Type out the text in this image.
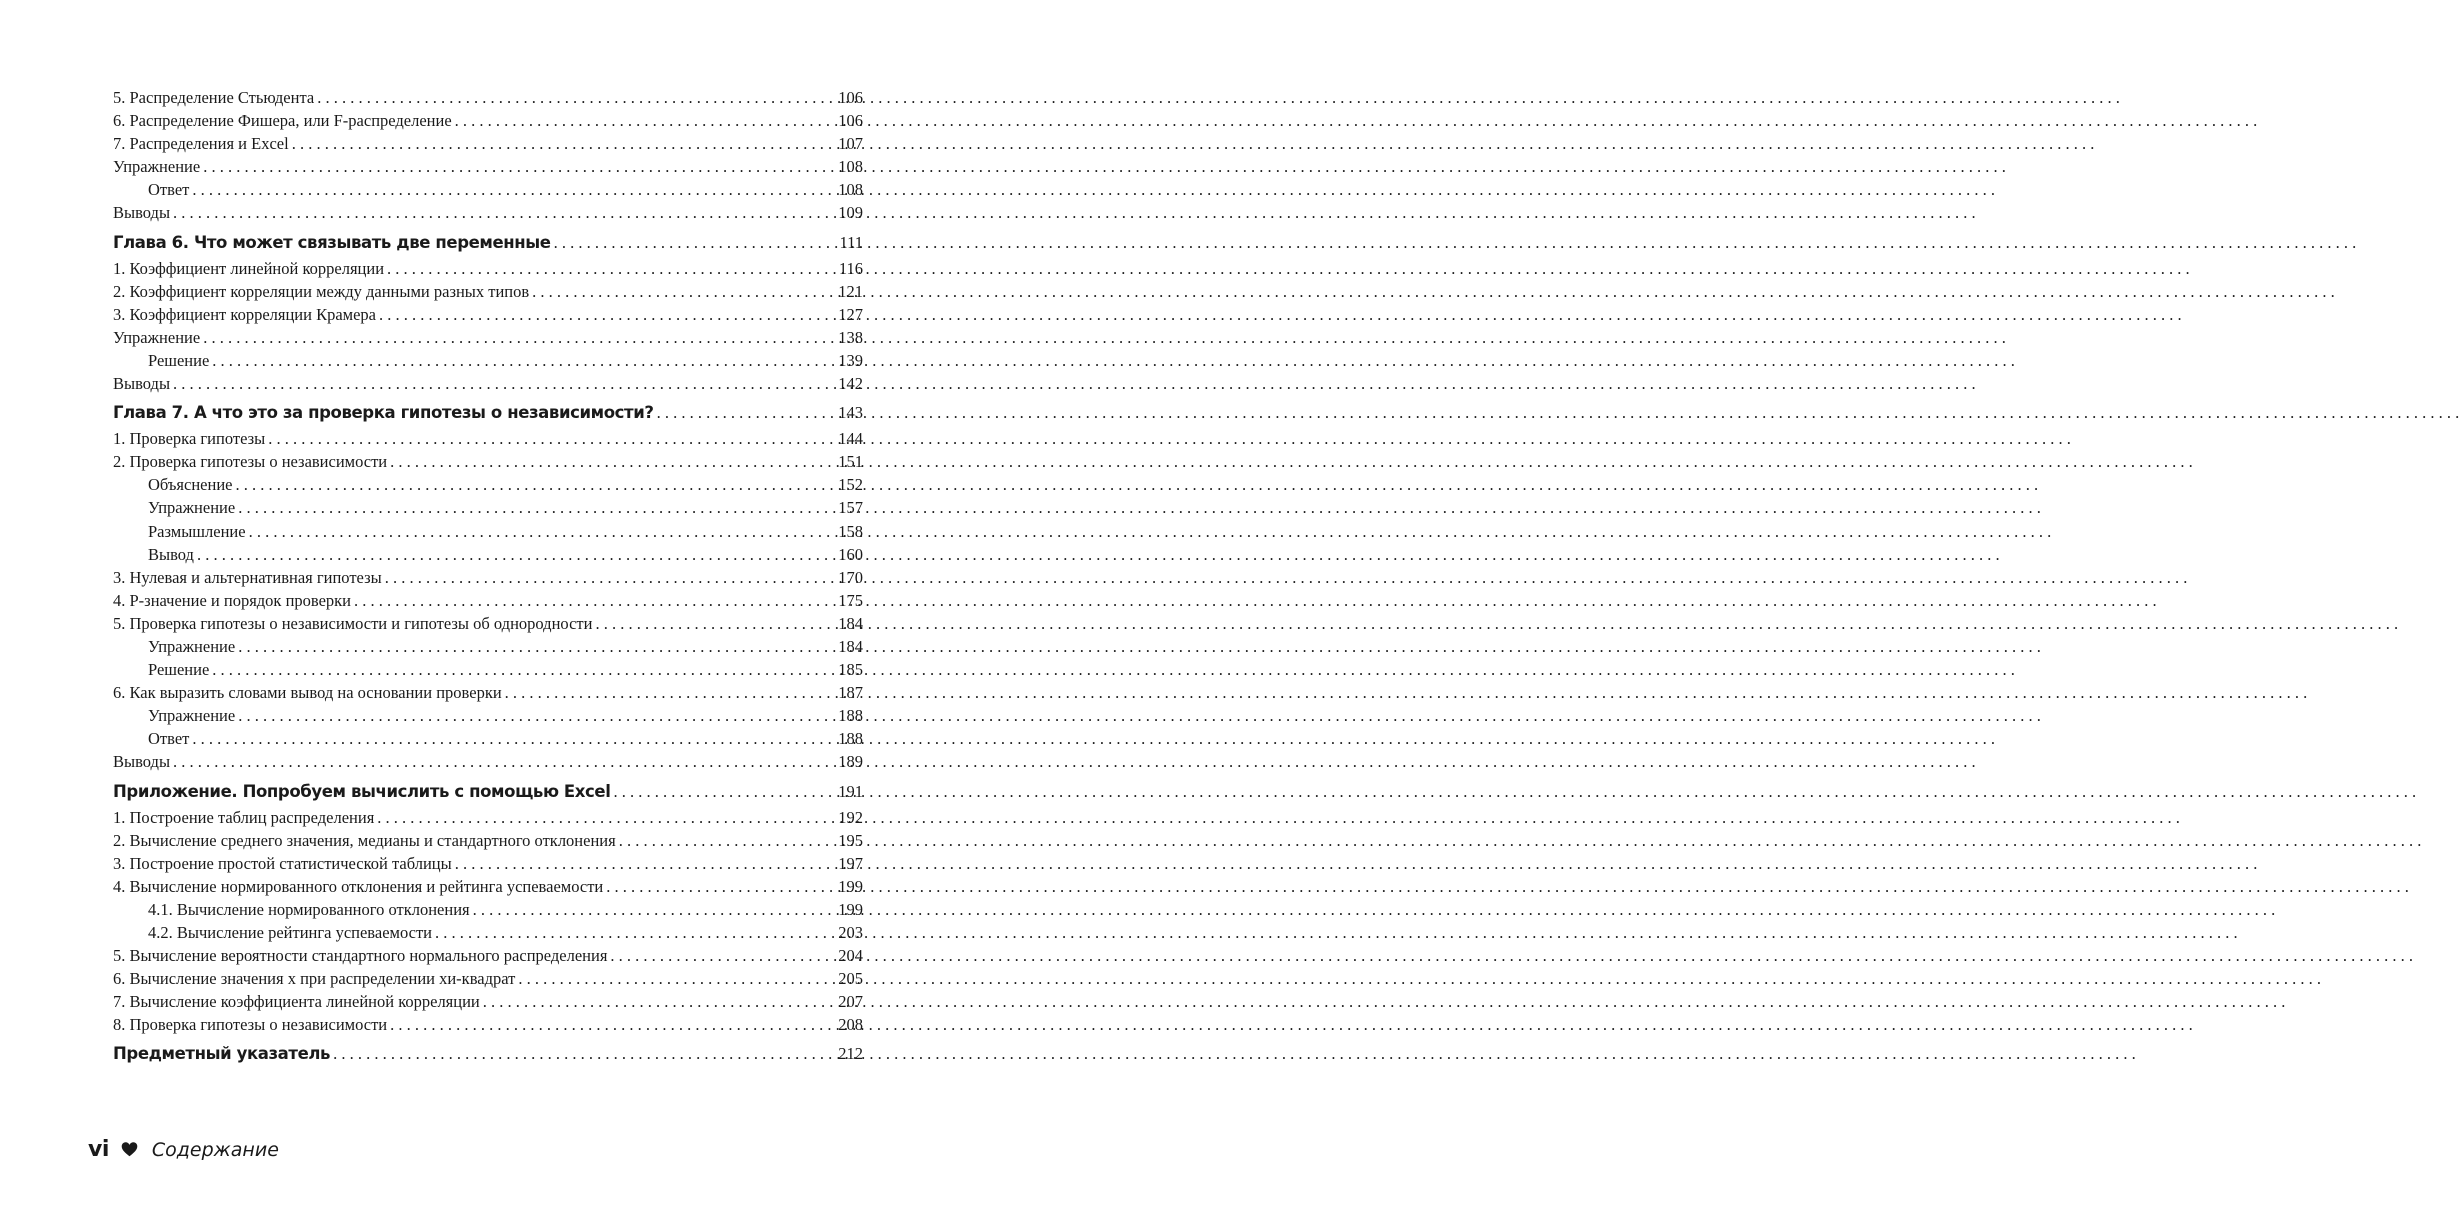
5. Распределение Стьюдента . . .	106
6. Распределение Фишера, или F-распределение . . .	106
7. Распределения и Excel . . .	107
Упражнение . . .	108
Ответ . . .	108
Выводы . . .	109
Глава 6. Что может связывать две переменные . . .	111
1. Коэффициент линейной корреляции . . .	116
2. Коэффициент корреляции между данными разных типов . . .	121
3. Коэффициент корреляции Крамера . . .	127
Упражнение . . .	138
Решение . . .	139
Выводы . . .	142
Глава 7. А что это за проверка гипотезы о независимости? . . .	143
1. Проверка гипотезы . . .	144
2. Проверка гипотезы о независимости . . .	151
Объяснение . . .	152
Упражнение . . .	157
Размышление . . .	158
Вывод . . .	160
3. Нулевая и альтернативная гипотезы . . .	170
4. P-значение и порядок проверки . . .	175
5. Проверка гипотезы о независимости и гипотезы об однородности . . .	184
Упражнение . . .	184
Решение . . .	185
6. Как выразить словами вывод на основании проверки . . .	187
Упражнение . . .	188
Ответ . . .	188
Выводы . . .	189
Приложение. Попробуем вычислить с помощью Excel . . .	191
1. Построение таблиц распределения . . .	192
2. Вычисление среднего значения, медианы и стандартного отклонения . . .	195
3. Построение простой статистической таблицы . . .	197
4. Вычисление нормированного отклонения и рейтинга успеваемости . . .	199
4.1. Вычисление нормированного отклонения . . .	199
4.2. Вычисление рейтинга успеваемости . . .	203
5. Вычисление вероятности стандартного нормального распределения . . .	204
6. Вычисление значения x при распределении хи-квадрат . . .	205
7. Вычисление коэффициента линейной корреляции . . .	207
8. Проверка гипотезы о независимости . . .	208
Предметный указатель . . .	212
vi Содержание
